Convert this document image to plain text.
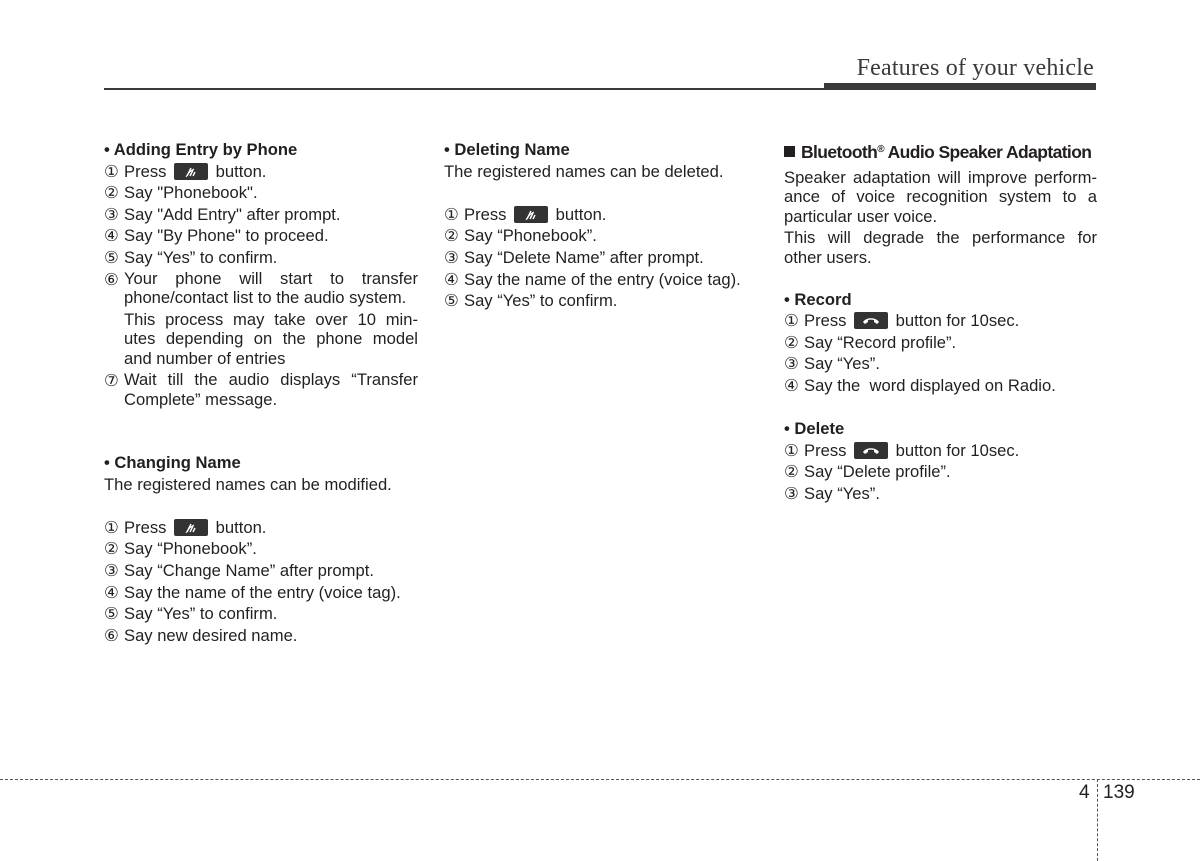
Features of your vehicle
• Adding Entry by Phone
① Press	button.
② Say "Phonebook".
③ Say "Add Entry" after prompt.
④ Say "By Phone" to proceed.
⑤ Say “Yes” to confirm.
⑥ Your phone will start to transfer phone/contact list to the audio system.
This process may take over 10 min-utes depending on the phone model and number of entries
⑦ Wait till the audio displays “Transfer Complete” message.
• Changing Name
The registered names can be modified.
① Press	button.
② Say “Phonebook”.
③ Say “Change Name” after prompt.
④ Say the name of the entry (voice tag).
⑤ Say “Yes” to confirm.
⑥ Say new desired name.
• Deleting Name
The registered names can be deleted.
① Press	button.
② Say “Phonebook”.
③ Say “Delete Name” after prompt.
④ Say the name of the entry (voice tag).
⑤ Say “Yes” to confirm.
Bluetooth® Audio Speaker Adaptation
Speaker adaptation will improve perform-ance of voice recognition system to a particular user voice.
This will degrade the performance for other users.
• Record
① Press	button for 10sec.
② Say “Record profile”.
③ Say “Yes”.
④ Say the  word displayed on Radio.
• Delete
① Press	button for 10sec.
② Say “Delete profile”.
③ Say “Yes”.
4 139
